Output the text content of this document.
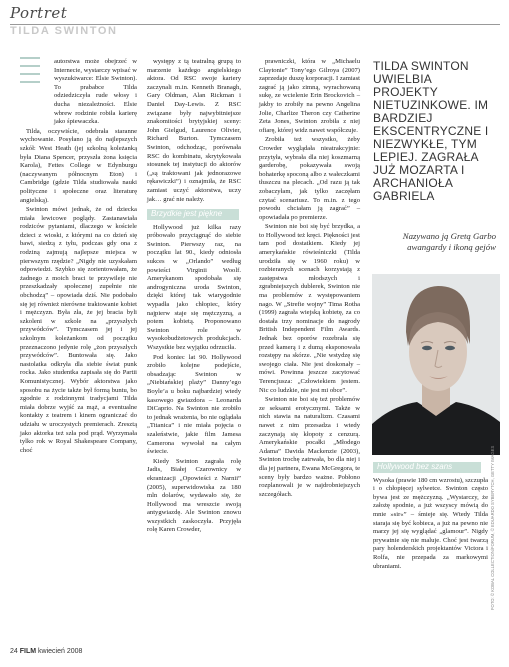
Portret
TILDA SWINTON

autorstwa może obejrzeć w Internecie, wystarczy wpisać w wyszukiwarce: Elsie Swinton). To prababce Tilda odziedziczyła rude włosy i ducha niezależności. Elsie wbrew rodzinie robiła karierę jako śpiewaczka.

Tilda, oczywiście, odebrała staranne wychowanie. Posyłano ją do najlepszych szkół: West Heath (jej szkolną koleżanką była Diana Spencer, przyszła żona księcia Karola), Fettes College w Edynburgu (naczywanym północnym Eton) i Cambridge (gdzie Tilda studiowała nauki polityczne i społeczne oraz literaturę angielską).

Swinton mówi jednak, że od dziecka miała lewicowe poglądy. Zastanawiała rodziców pytaniami, dlaczego w kościele dzieci z wioski, z którymi na co dzień się bawi, siedzą z tyłu, podczas gdy ona z rodziną zajmują najlepsze miejsca w pierwszym rzędzie? „Nigdy nie uzyskałam odpowiedzi. Szybko się zorientowałam, że żadnego z moich braci te przywileje nie przeszkadzały społecznej zupełnie nie obchodzą” – opowiada dziś. Nie podobało się jej również nierówne traktowanie kobiet i mężczyzn. Była zła, że jej bracia byli szkoleni w szkole na „przyszłych przywódców”. Tymczasem jej i jej szkolnym koleżankom od początku przeznaczono jedynie rolę „żon przyszłych przywódców”. Buntowała się. Jako nastolatka odkryła dla siebie świat punk rocka. Jako studentka zapisała się do Partii Komunistycznej. Wybór aktorstwa jako sposobu na życie także był formą buntu, bo zgodnie z rodzinnymi tradycjami Tilda miała dobrze wyjść za mąż, a eventualne kontakty z teatrem i kinem ograniczać do udziału w uroczystych premierach. Zresztą jako aktorka też szła pod prąd. Wyrzymała tylko rok w Royal Shakespeare Company, choć

występy z tą teatralną grupą to marzenie każdego angielskiego aktora. Od RSC swoje kariery zaczynali m.in. Kenneth Branagh, Gary Oldman, Alan Rickman i Daniel Day-Lewis. Z RSC związane były najwybitniejsze znakomitości brytyjskiej sceny: John Gielgud, Laurence Olivier, Richard Burton. Tymczasem Swinton, odchodząc, porównała RSC do kombinatu, skrytykowała stosunek tej instytucji do aktorów („są traktowani jak jednorazowe rękawiczki”) i oznajmiła, że RSC zamiast uczyć aktorstwa, uczy jak… grać nie należy.

Brzydkie jest piękne

Hollywood już kilka razy próbowało przyciągnąć do siebie Swinton. Pierwszy raz, na początku lat 90., kiedy odniosła sukces w „Orlando” według powieści Virginii Woolf. Amerykanom spodobała się androgyniczna uroda Swinton, dzięki której tak wiarygodnie wypadła jako chłopiec, który najpierw staje się mężczyzną, a potem kobietą. Proponowano Swinton role w wysokobudżetowych produkcjach. Wszystkie bez wyjątku odrzuciła.

Pod koniec lat 90. Hollywood zrobiło kolejne podejście, obsadzając Swinton w „Niebiańskiej plaży” Danny’ego Boyle’a u boku najbardziej wtedy kasowego gwiazdora – Leonarda DiCaprio. Na Swinton nie zrobiło to jednak wrażenia, bo nie oglądała „Titanica” i nie miała pojęcia o szaleństwie, jakie film Jamesa Camerona wywołał na całym świecie.

Kiedy Swinton zagrała rolę Jadis, Białej Czarownicy w ekranizacji „Opowieści z Narnii” (2005), superwidowiska za 180 mln dolarów, wydawało się, że Hollywood ma wreszcie swoją antygwiazdę. Ale Swinton znowu wszystkich zaskoczyła. Przyjęła rolę Karen Crowder,

prawniczki, która w „Michaelu Claytonie” Tony’ego Gilroya (2007) zaprzedaje duszę korporacji. I zamiast zagrać ją jako zimną, wyrachowaną sukę, ze wcielenie Erin Brockovich – jakby to zrobiły na pewno Angelina Jolie, Charlize Theron czy Catherine Zeta Jones, Swinton zrobiła z niej ofiarę, której widz nawet współczuje.

Zrobiła też wszystko, żeby Crowder wyglądała nieatrakcyjnie: przytyła, wybrała dla niej koszmarną garderobę, pokazywała swoją bohaterkę spoconą albo z wałeczkami tłuszczu na plecach. „Od razu ją tak zobaczyłam, jak tylko zaczęłam czytać scenariusz. To m.in. z tego powodu chciałam ją zagrać” – opowiadała po premierze.

Swinton nie boi się być brzydka, a to Hollywood też kręci. Piękności jest tam pod dostatkiem. Kiedy jej amerykańskie rówieśniczki (Tilda urodziła się w 1960 roku) w rozbieranych scenach korzystają z zastępstwa młodszych i zgrabniejszych dublerek, Swinton nie ma problemów z występowaniem nago. W „Strefie wojny” Tima Rotha (1999) zagrała wiejską kobietę, za co dostała trzy nominacje do nagrody British Independent Film Awards. Jednak bez oporów rozebrała się przed kamerą i z dumą eksponowała rozstępy na skórze. „Nie wstydzę się swojego ciała. Nie jest doskonały – mówi. Powinna jeszcze zacytować Terencjusza: „Człowiekiem jestem. Nic co ludzkie, nie jest mi obce”.

Swinton nie boi się też problemów ze seksami erotycznymi. Także w nich stawia na naturalizm. Czasami nawet z nim przesadza i wtedy zaczynają się kłopoty z cenzurą. Amerykańskie pocałki „Młodego Adama” Davida Mackenzie (2003), Swinton trochę zatrwała, bo dla niej i dla jej partnera, Ewana McGregora, te sceny były bardzo ważne. Pobłono rozplanowali je w najdrobniejszych szczegółach.

TILDA SWINTON UWIELBIA PROJEKTY NIETUZINKOWE. IM BARDZIEJ EKSCENTRYCZNE I NIEZWYKŁE, TYM LEPIEJ. ZAGRAŁA JUŻ MOZARTA I ARCHANIOŁA GABRIELA
Nazywano ją Gretą Garbo awangardy i ikoną gejów
FOTO: © KOBAL COLLECTION/FORUM, © EDUARDO SYBERYTCH, GETTY IMAGES
Hollywood bez szans

Wysoka (prawie 180 cm wzrostu), szczupła i o chłopięcej sylwetce. Swinton często bywa jest ze mężczyzną. „Wystarczy, że założę spodnie, a już wszyscy mówią do mnie »sir«” – śmieje się. Wtedy Tilda staraja się być kobieca, a już na pewno nie marzy jej się wyglądać „glamour”. Nigdy prywatnie się nie maluje. Choć jest twarzą pary holenderskich projektantów Victora i Rolfa, nie przepada za markowymi ubraniami.

24 FILM kwiecień 2008
